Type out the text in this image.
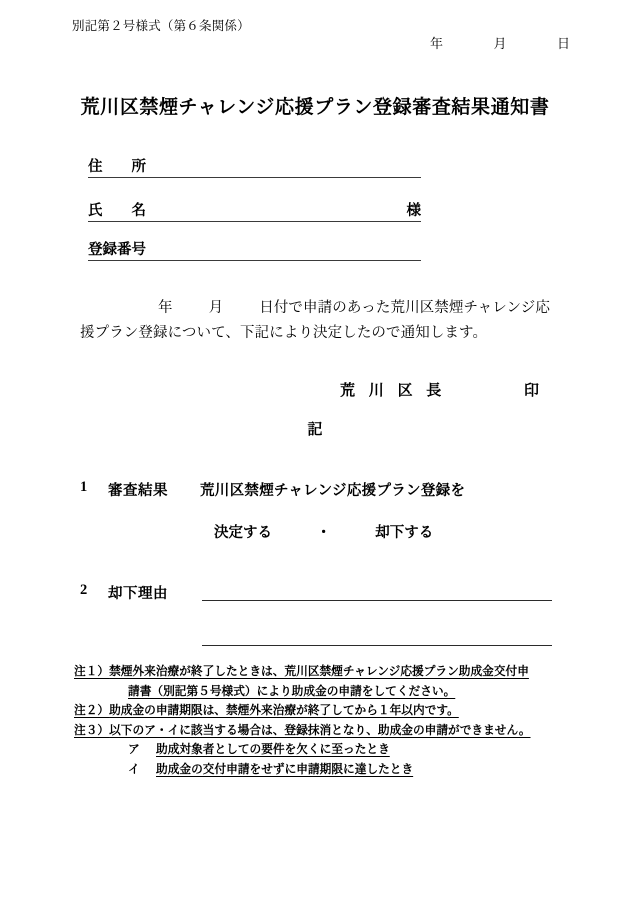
別記第２号様式（第６条関係）
年	月	日
荒川区禁煙チャレンジ応援プラン登録審査結果通知書
住　　所
氏　　名	様
登録番号
年 月 日付で申請のあった荒川区禁煙チャレンジ応援プラン登録について、下記により決定したので通知します。
荒 川 区 長	印
記
1 審査結果 荒川区禁煙チャレンジ応援プラン登録を
決定する	・	却下する
2 却下理由
注１）禁煙外来治療が終了したときは、荒川区禁煙チャレンジ応援プラン助成金交付申
請書（別記第５号様式）により助成金の申請をしてください。
注２）助成金の申請期限は、禁煙外来治療が終了してから１年以内です。
注３）以下のア・イに該当する場合は、登録抹消となり、助成金の申請ができません。
ア 助成対象者としての要件を欠くに至ったとき
イ 助成金の交付申請をせずに申請期限に達したとき
